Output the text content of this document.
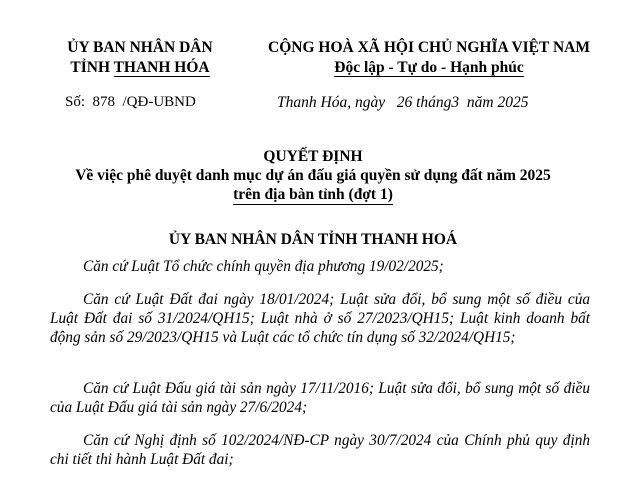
ỦY BAN NHÂN DÂN
TỈNH THANH HÓA
CỘNG HOÀ XÃ HỘI CHỦ NGHĨA VIỆT NAM
Độc lập - Tự do - Hạnh phúc
Số: 878 /QĐ-UBND	Thanh Hóa, ngày 26 tháng3 năm 2025
QUYẾT ĐỊNH
Về việc phê duyệt danh mục dự án đấu giá quyền sử dụng đất năm 2025
trên địa bàn tỉnh (đợt 1)
ỦY BAN NHÂN DÂN TỈNH THANH HOÁ
Căn cứ Luật Tổ chức chính quyền địa phương 19/02/2025;
Căn cứ Luật Đất đai ngày 18/01/2024; Luật sửa đổi, bổ sung một số điều của Luật Đất đai số 31/2024/QH15; Luật nhà ở số 27/2023/QH15; Luật kinh doanh bất động sản số 29/2023/QH15 và Luật các tổ chức tín dụng số 32/2024/QH15;
Căn cứ Luật Đấu giá tài sản ngày 17/11/2016; Luật sửa đổi, bổ sung một số điều của Luật Đấu giá tài sản ngày 27/6/2024;
Căn cứ Nghị định số 102/2024/NĐ-CP ngày 30/7/2024 của Chính phủ quy định chi tiết thi hành Luật Đất đai;
